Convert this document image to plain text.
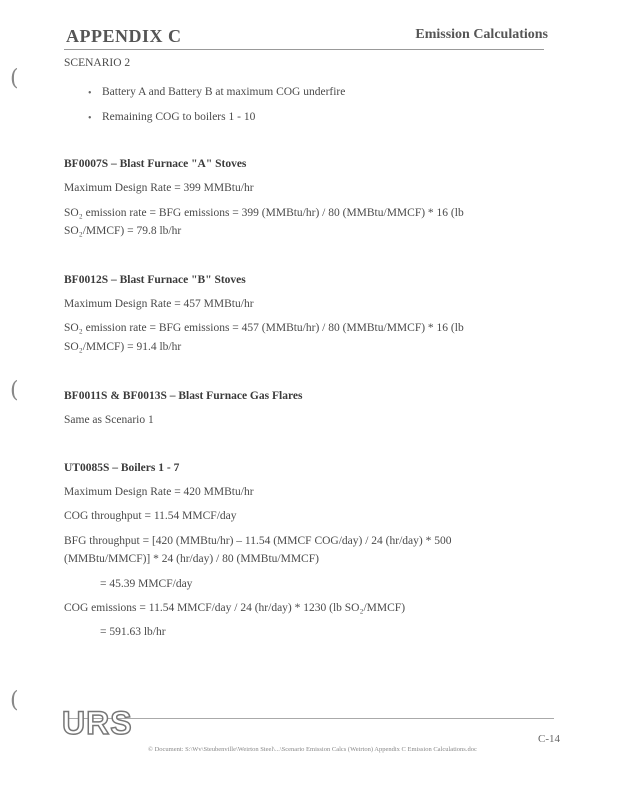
(
(
(
APPENDIX C	Emission Calculations
SCENARIO 2
• Battery A and Battery B at maximum COG underfire
• Remaining COG to boilers 1 - 10
BF0007S – Blast Furnace "A" Stoves
Maximum Design Rate = 399 MMBtu/hr
SO₂ emission rate = BFG emissions = 399 (MMBtu/hr) / 80 (MMBtu/MMCF) * 16 (lb
SO₂/MMCF) = 79.8 lb/hr
BF0012S – Blast Furnace "B" Stoves
Maximum Design Rate = 457 MMBtu/hr
SO₂ emission rate = BFG emissions = 457 (MMBtu/hr) / 80 (MMBtu/MMCF) * 16 (lb
SO₂/MMCF) = 91.4 lb/hr
BF0011S & BF0013S – Blast Furnace Gas Flares
Same as Scenario 1
UT0085S – Boilers 1 - 7
Maximum Design Rate = 420 MMBtu/hr
COG throughput = 11.54 MMCF/day
BFG throughput = [420 (MMBtu/hr) – 11.54 (MMCF COG/day) / 24 (hr/day) * 500
(MMBtu/MMCF)] * 24 (hr/day) / 80 (MMBtu/MMCF)
= 45.39 MMCF/day
COG emissions = 11.54 MMCF/day / 24 (hr/day) * 1230 (lb SO₂/MMCF)
= 591.63 lb/hr
URS	C-14
© Document: S:\Wv\Steubenville\Weirton Steel\...\Scenario Emission Calcs (Weirton) Appendix C Emission Calculations.doc
